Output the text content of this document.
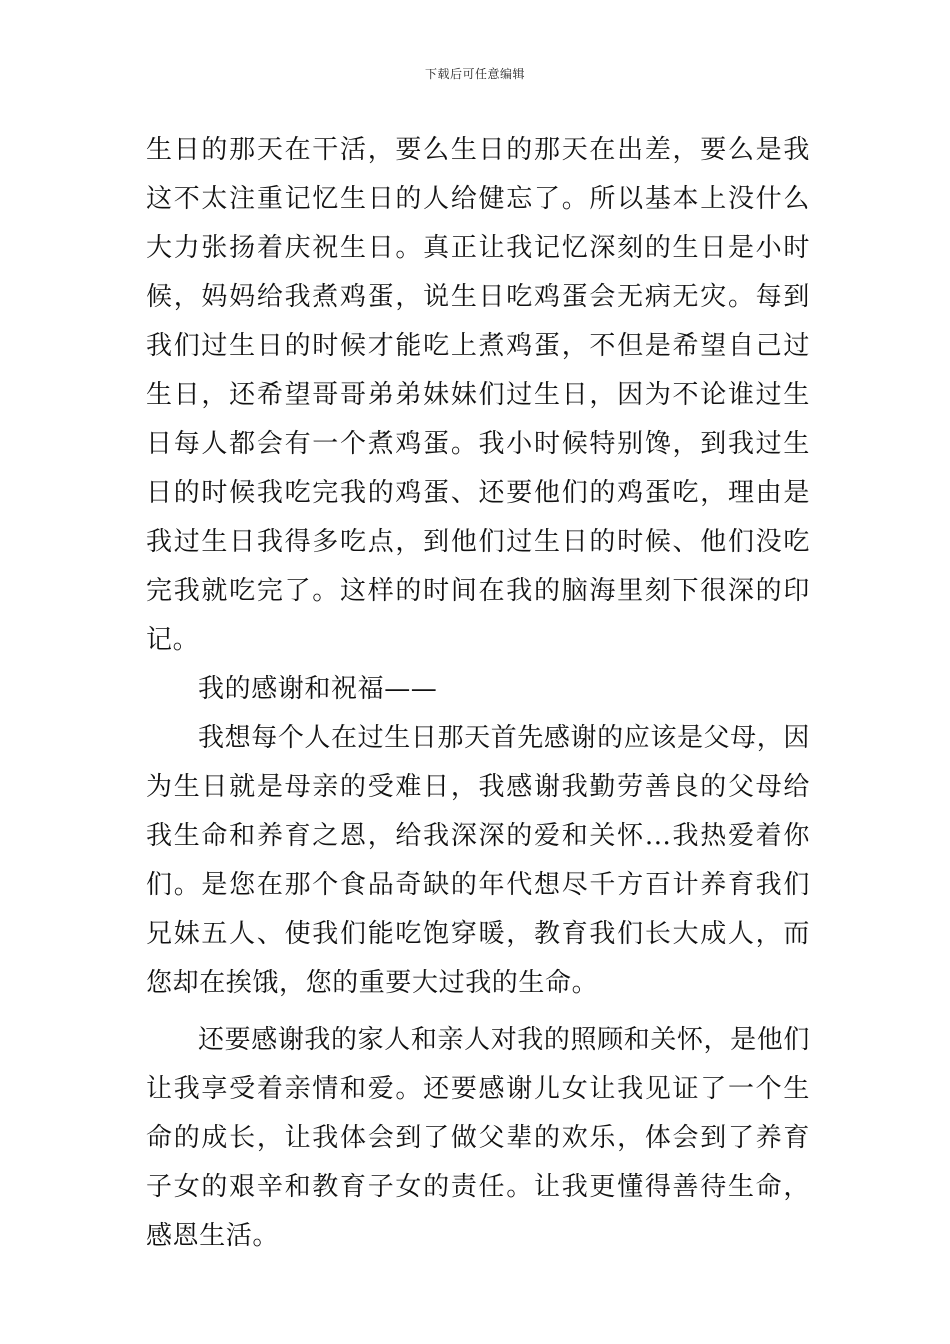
下载后可任意编辑

生日的那天在干活，要么生日的那天在出差，要么是我这不太注重记忆生日的人给健忘了。所以基本上没什么大力张扬着庆祝生日。真正让我记忆深刻的生日是小时候，妈妈给我煮鸡蛋，说生日吃鸡蛋会无病无灾。每到我们过生日的时候才能吃上煮鸡蛋，不但是希望自己过生日，还希望哥哥弟弟妹妹们过生日，因为不论谁过生日每人都会有一个煮鸡蛋。我小时候特别馋，到我过生日的时候我吃完我的鸡蛋、还要他们的鸡蛋吃，理由是我过生日我得多吃点，到他们过生日的时候、他们没吃完我就吃完了。这样的时间在我的脑海里刻下很深的印记。

我的感谢和祝福——

我想每个人在过生日那天首先感谢的应该是父母，因为生日就是母亲的受难日，我感谢我勤劳善良的父母给我生命和养育之恩，给我深深的爱和关怀...我热爱着你们。是您在那个食品奇缺的年代想尽千方百计养育我们兄妹五人、使我们能吃饱穿暖，教育我们长大成人，而您却在挨饿，您的重要大过我的生命。

还要感谢我的家人和亲人对我的照顾和关怀，是他们让我享受着亲情和爱。还要感谢儿女让我见证了一个生命的成长，让我体会到了做父辈的欢乐，体会到了养育子女的艰辛和教育子女的责任。让我更懂得善待生命，感恩生活。
